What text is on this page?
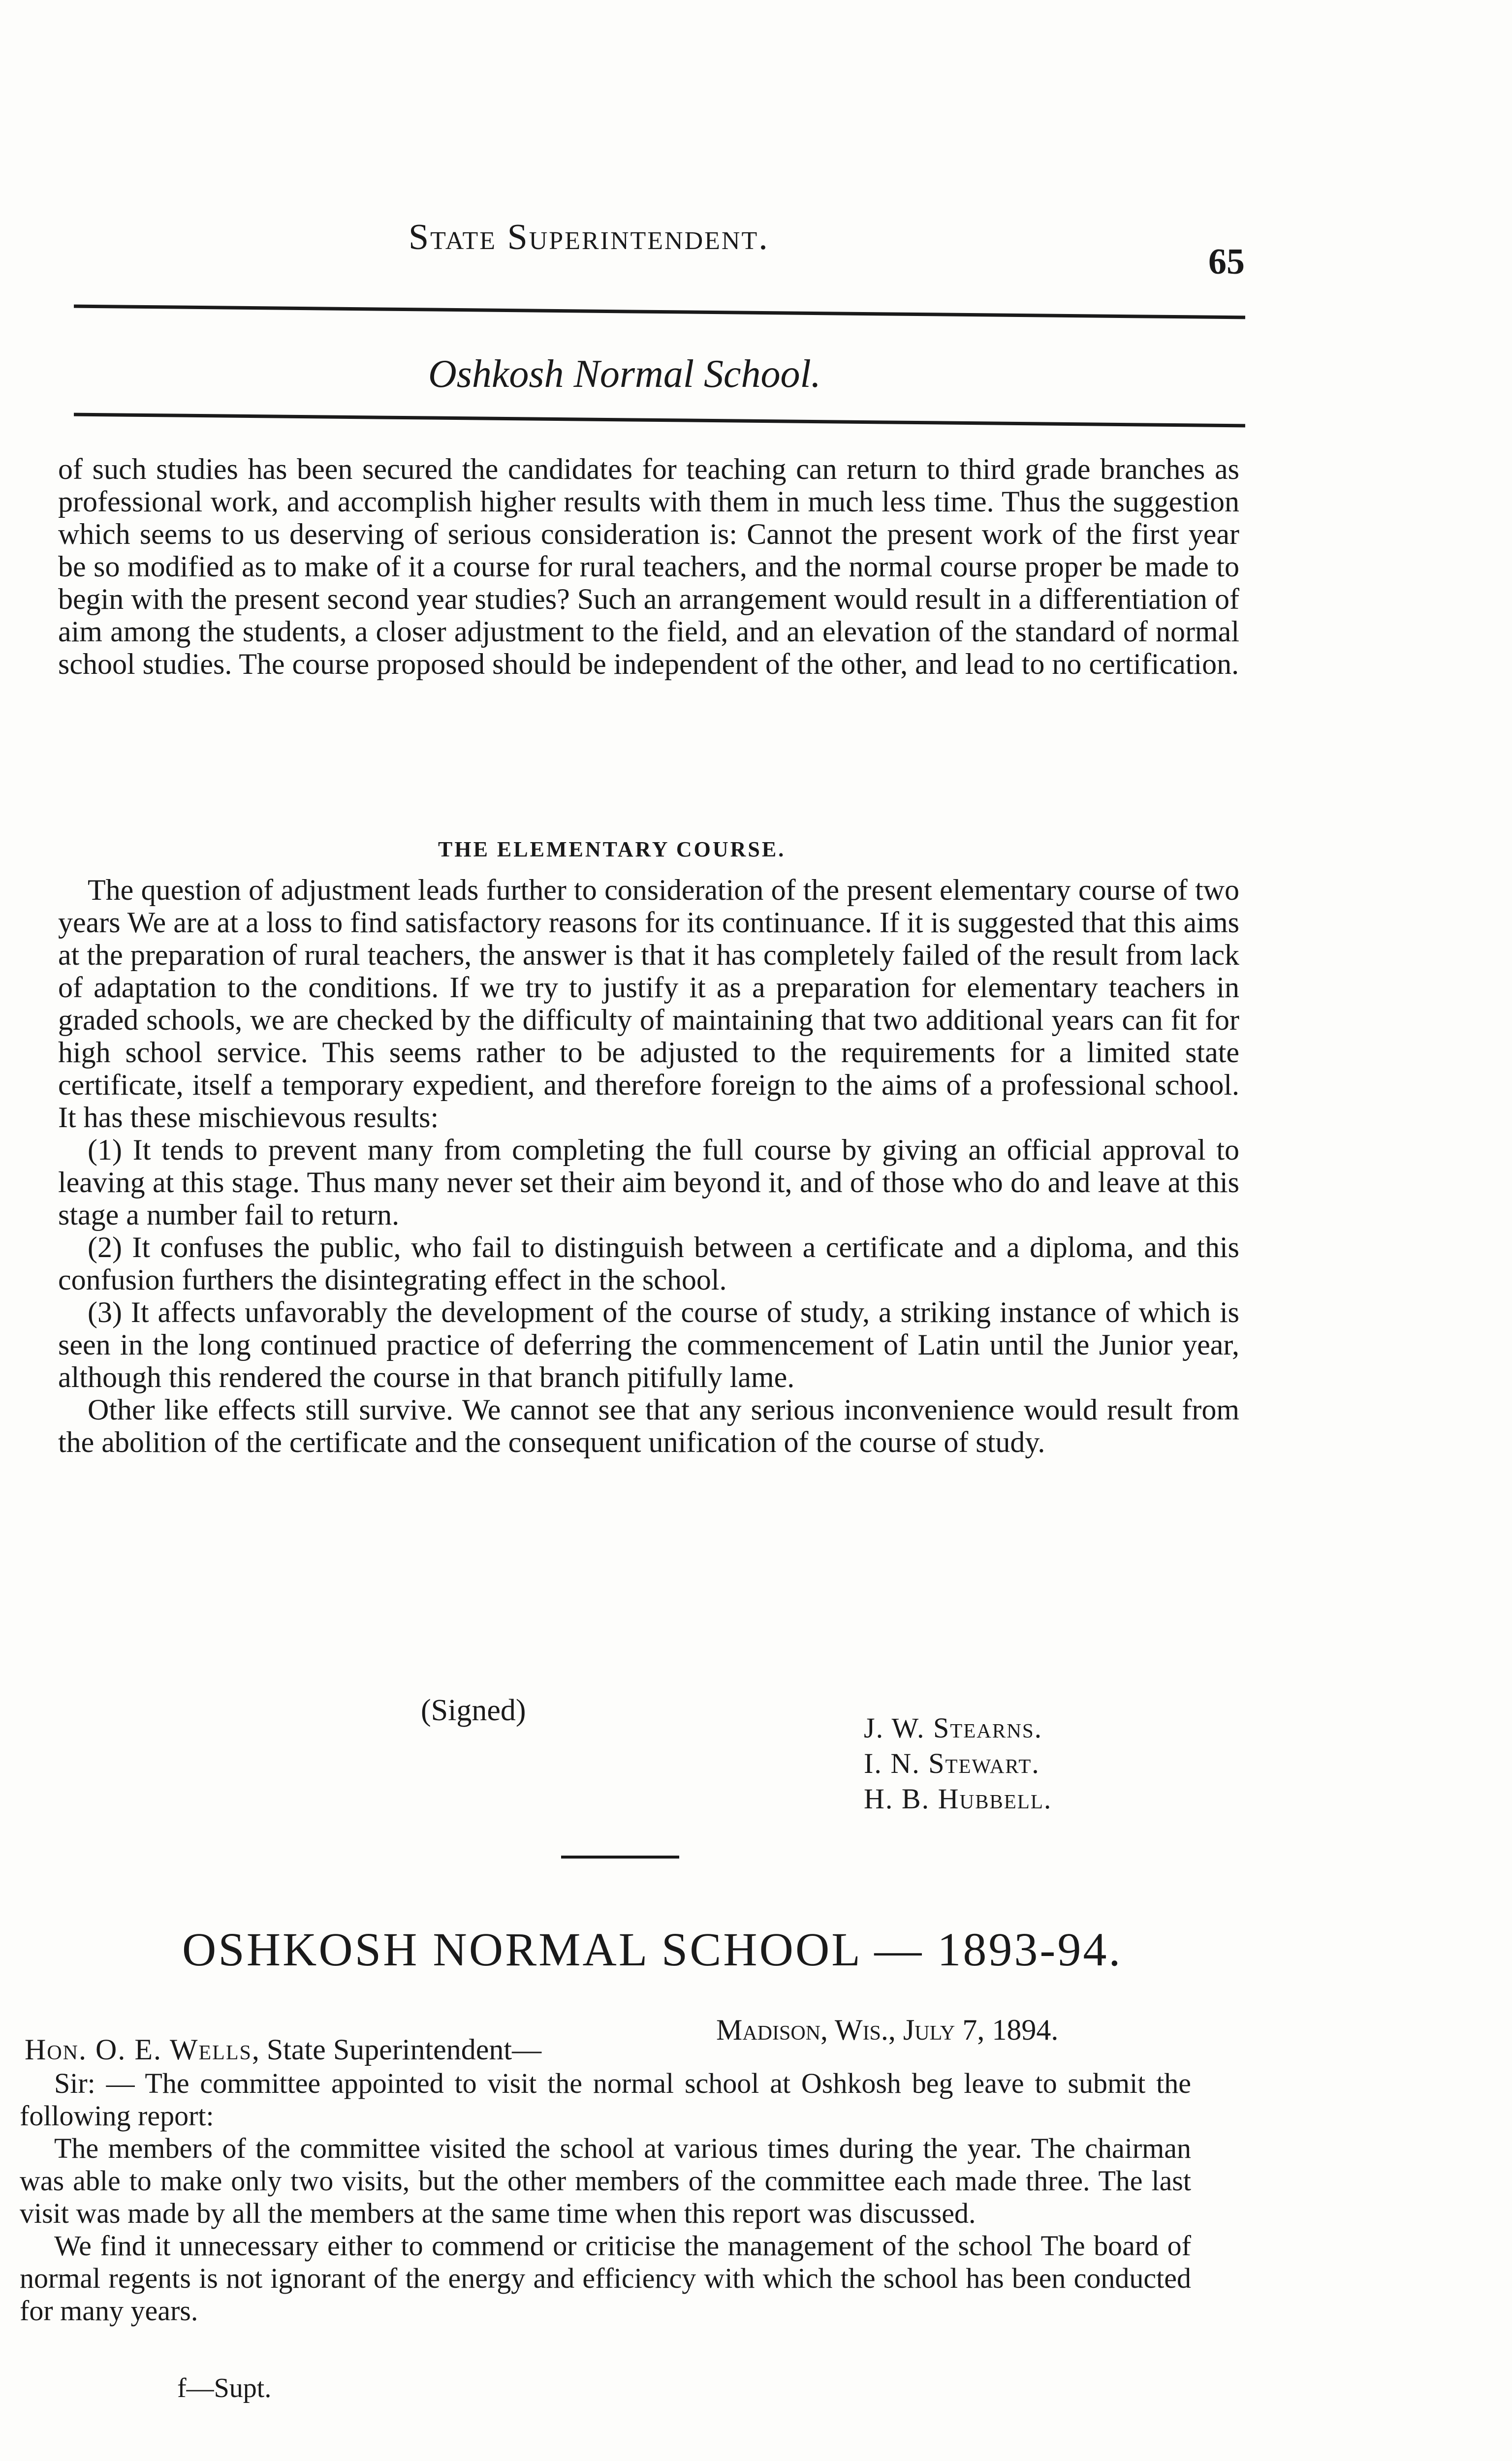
State Superintendent.
65
Oshkosh Normal School.

of such studies has been secured the candidates for teaching can return to third grade branches as professional work, and accomplish higher results with them in much less time. Thus the suggestion which seems to us deserving of serious consideration is: Cannot the present work of the first year be so modified as to make of it a course for rural teachers, and the normal course proper be made to begin with the present second year studies? Such an arrangement would result in a differentiation of aim among the students, a closer adjustment to the field, and an elevation of the standard of normal school studies. The course proposed should be independent of the other, and lead to no certification.

THE ELEMENTARY COURSE.

The question of adjustment leads further to consideration of the present elementary course of two years We are at a loss to find satisfactory reasons for its continuance. If it is suggested that this aims at the preparation of rural teachers, the answer is that it has completely failed of the result from lack of adaptation to the conditions. If we try to justify it as a preparation for elementary teachers in graded schools, we are checked by the difficulty of maintaining that two additional years can fit for high school service. This seems rather to be adjusted to the requirements for a limited state certificate, itself a temporary expedient, and therefore foreign to the aims of a professional school. It has these mischievous results:

(1) It tends to prevent many from completing the full course by giving an official approval to leaving at this stage. Thus many never set their aim beyond it, and of those who do and leave at this stage a number fail to return.

(2) It confuses the public, who fail to distinguish between a certificate and a diploma, and this confusion furthers the disintegrating effect in the school.

(3) It affects unfavorably the development of the course of study, a striking instance of which is seen in the long continued practice of deferring the commencement of Latin until the Junior year, although this rendered the course in that branch pitifully lame.

Other like effects still survive. We cannot see that any serious inconvenience would result from the abolition of the certificate and the consequent unification of the course of study.

(Signed)
J. W. Stearns.
I. N. Stewart.
H. B. Hubbell.
OSHKOSH NORMAL SCHOOL — 1893-94.
Madison, Wis., July 7, 1894.
Hon. O. E. Wells, State Superintendent—

Sir: — The committee appointed to visit the normal school at Oshkosh beg leave to submit the following report:

The members of the committee visited the school at various times during the year. The chairman was able to make only two visits, but the other members of the committee each made three. The last visit was made by all the members at the same time when this report was discussed.

We find it unnecessary either to commend or criticise the management of the school The board of normal regents is not ignorant of the energy and efficiency with which the school has been conducted for many years.

f—Supt.
